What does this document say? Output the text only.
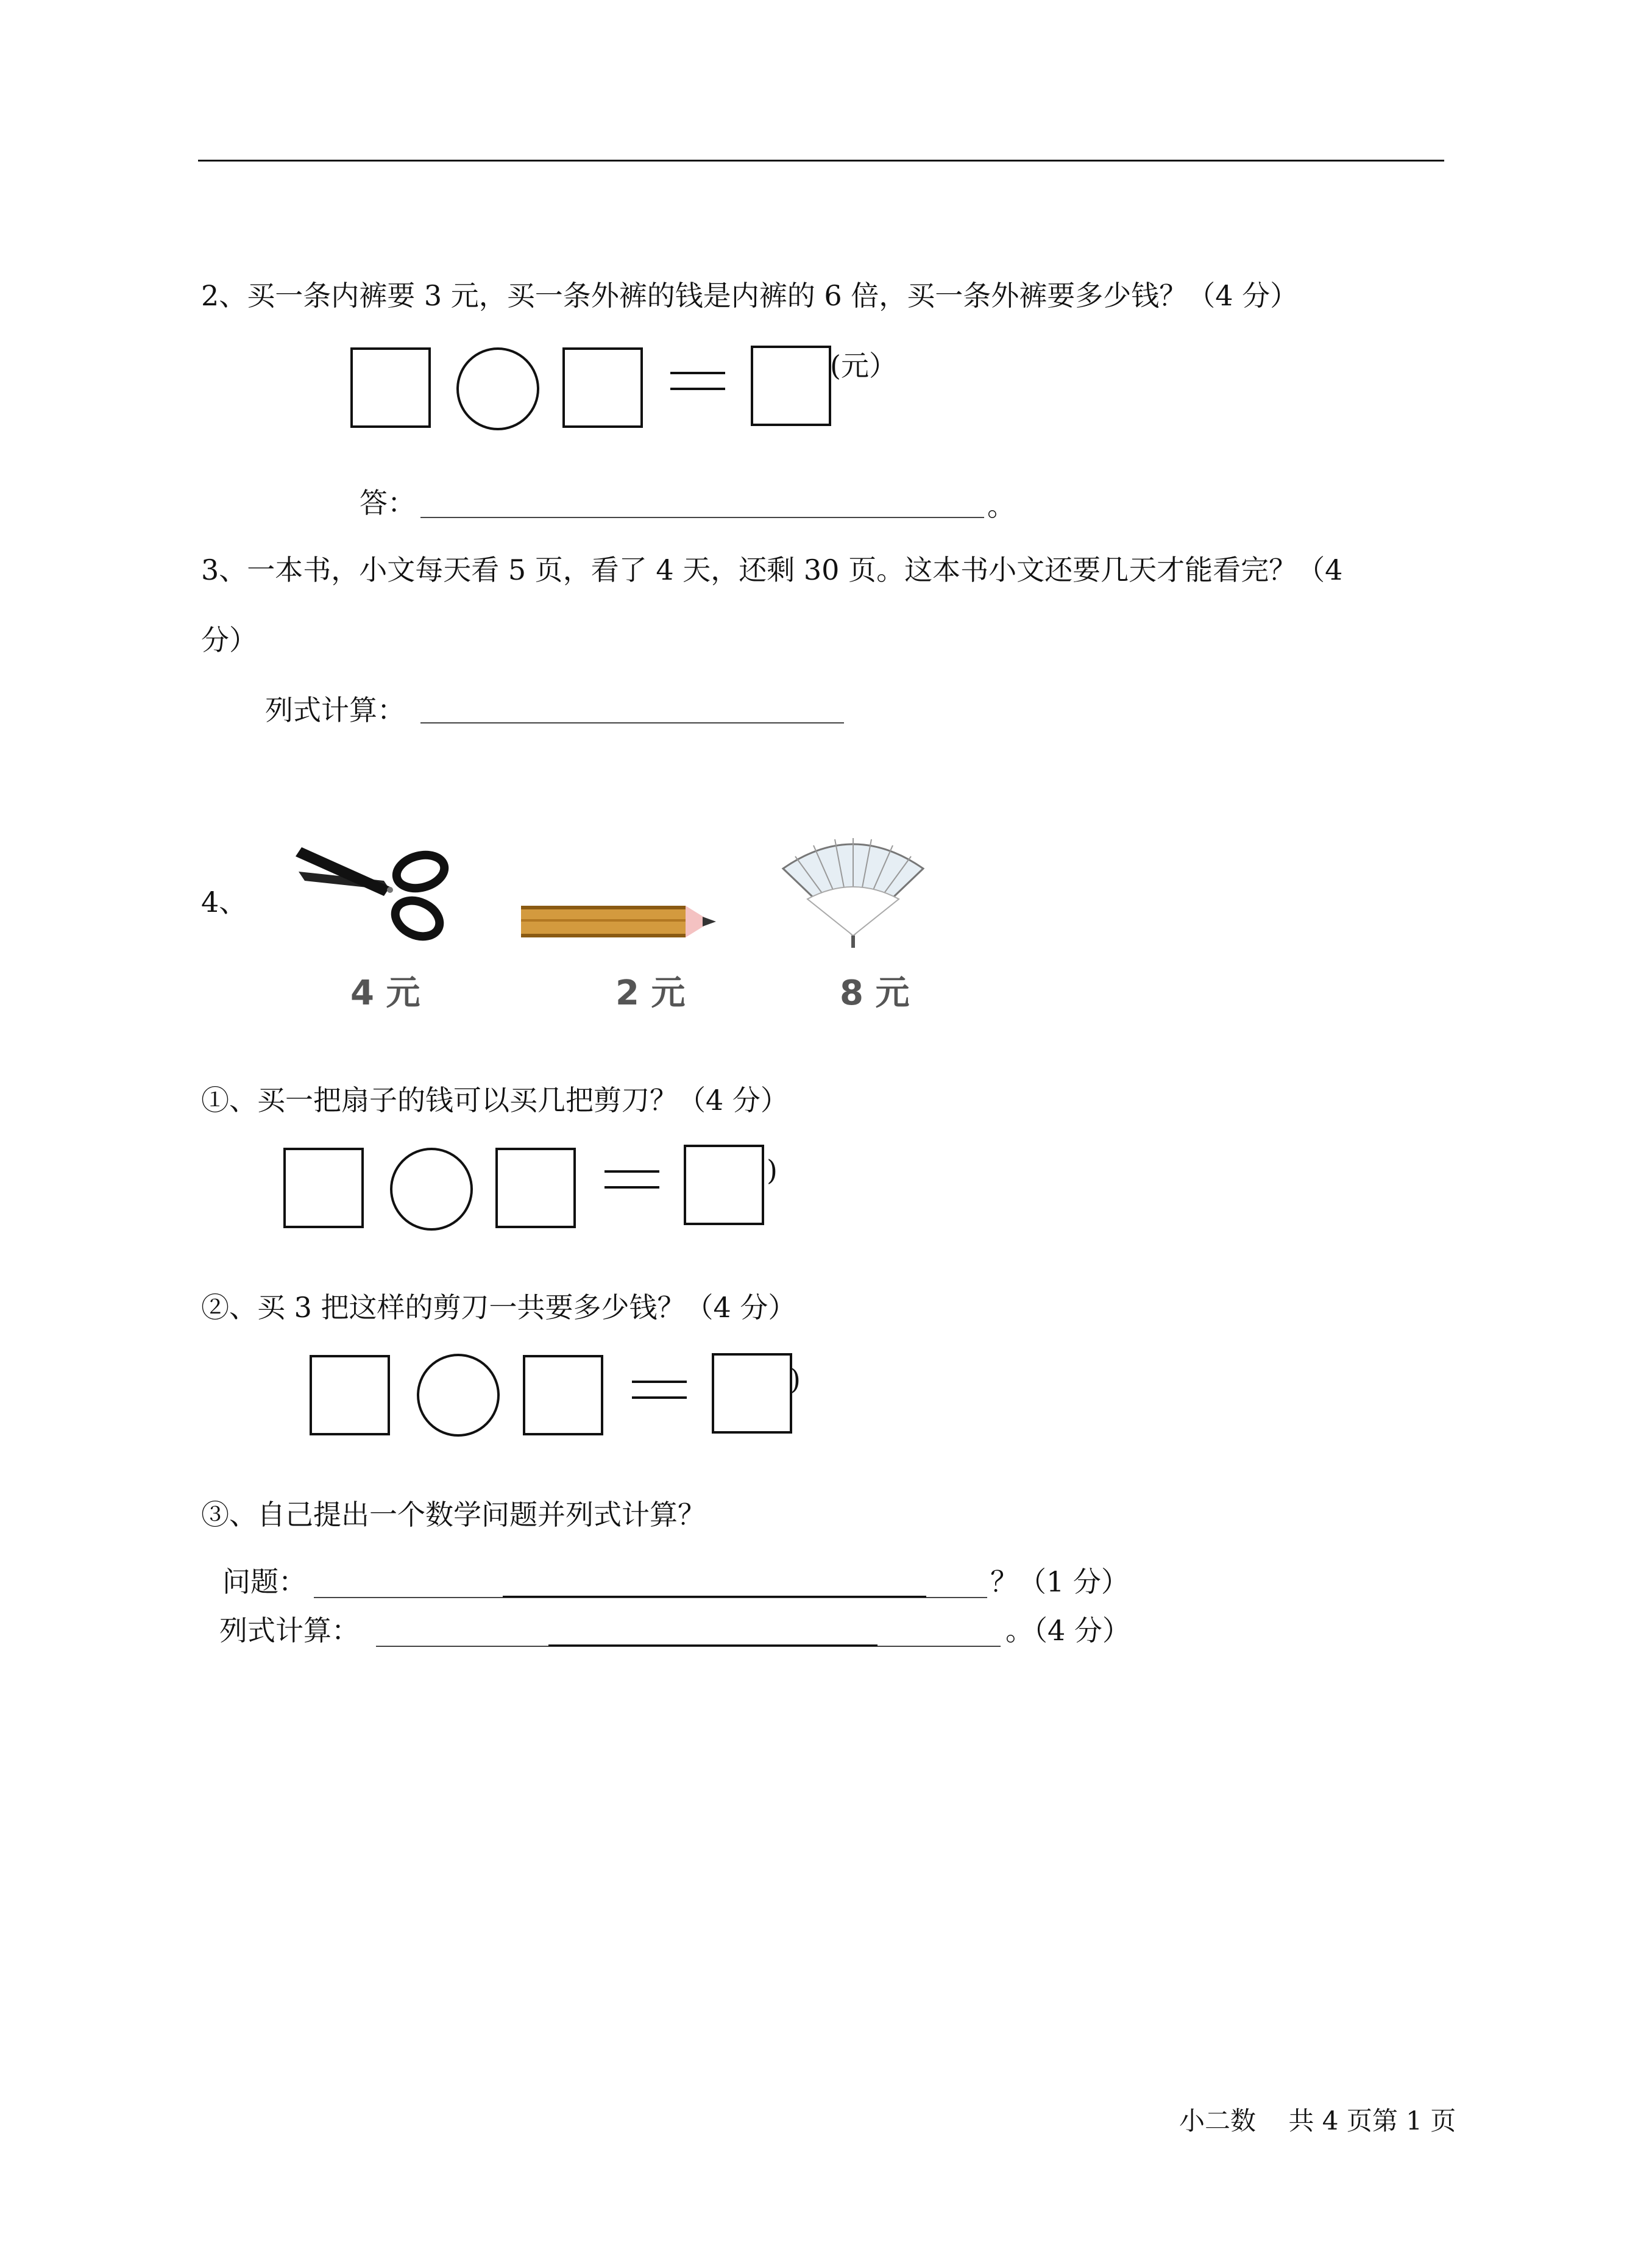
2、买一条内裤要 3 元，买一条外裤的钱是内裤的 6 倍，买一条外裤要多少钱？（4 分）
(元）
答：	。
3、一本书，小文每天看 5 页，看了 4 天，还剩 30 页。这本书小文还要几天才能看完？（4
分）
列式计算：
4、
4 元	2 元	8 元
①、买一把扇子的钱可以买几把剪刀？（4 分）
)
②、买 3 把这样的剪刀一共要多少钱？（4 分）
)
③、自己提出一个数学问题并列式计算？
问题：	？（1 分）
列式计算：	。（4 分）
小二数    共 4 页第 1 页
